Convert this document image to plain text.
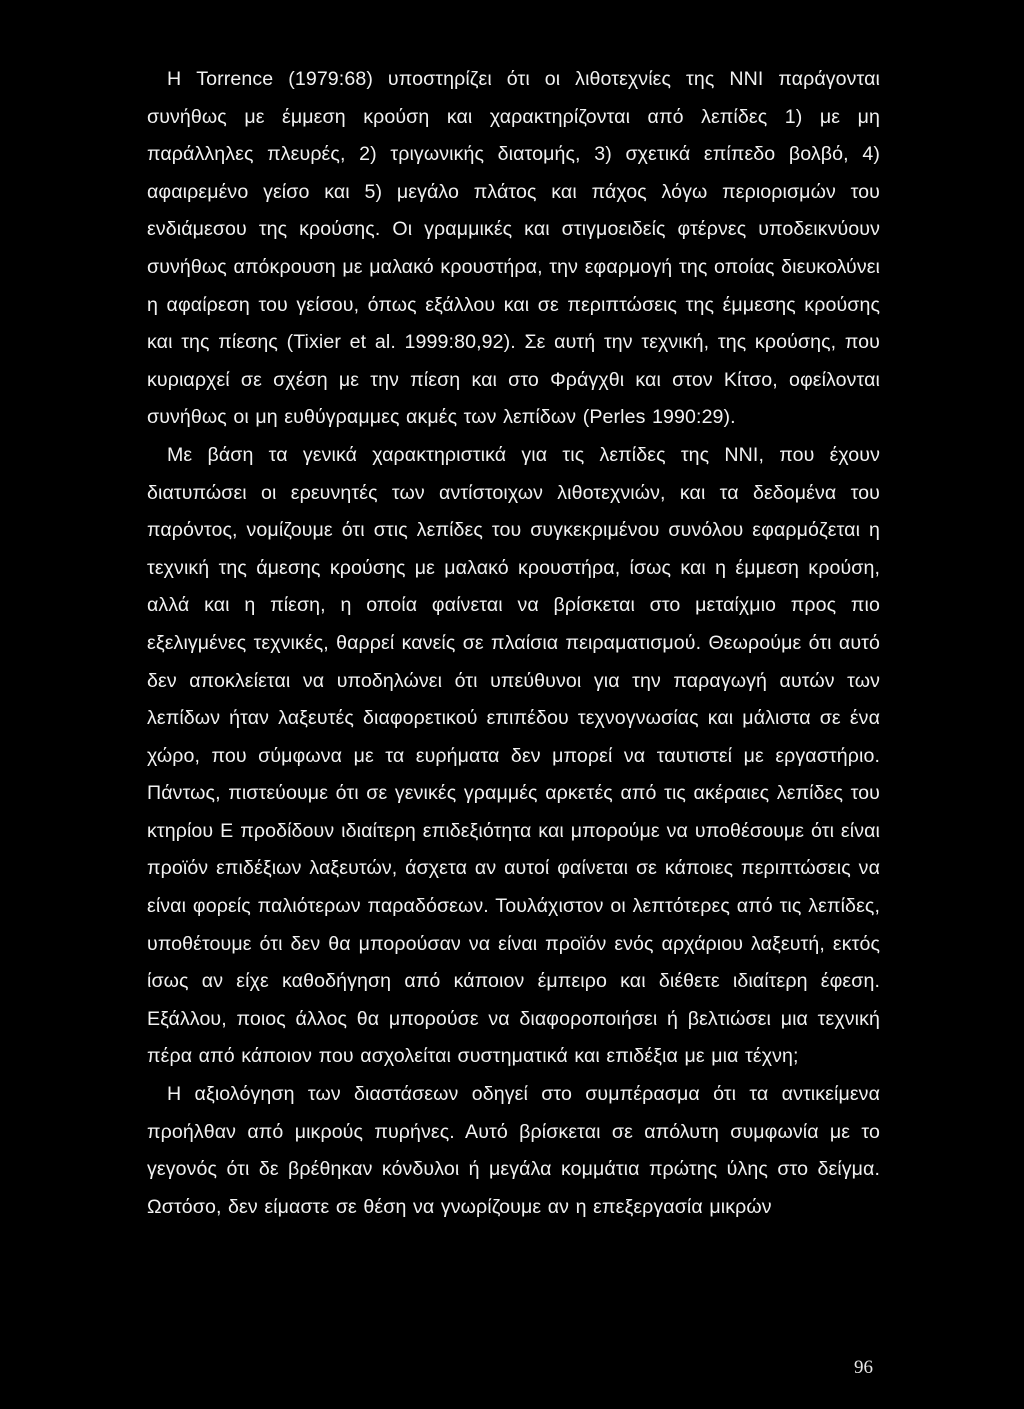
Η Torrence (1979:68) υποστηρίζει ότι οι λιθοτεχνίες της ΝΝΙ παράγονται συνήθως με έμμεση κρούση και χαρακτηρίζονται από λεπίδες 1) με μη παράλληλες πλευρές, 2) τριγωνικής διατομής, 3) σχετικά επίπεδο βολβό, 4) αφαιρεμένο γείσο και 5) μεγάλο πλάτος και πάχος λόγω περιορισμών του ενδιάμεσου της κρούσης. Οι γραμμικές και στιγμοειδείς φτέρνες υποδεικνύουν συνήθως απόκρουση με μαλακό κρουστήρα, την εφαρμογή της οποίας διευκολύνει η αφαίρεση του γείσου, όπως εξάλλου και σε περιπτώσεις της έμμεσης κρούσης και της πίεσης (Tixier et al. 1999:80,92). Σε αυτή την τεχνική, της κρούσης, που κυριαρχεί σε σχέση με την πίεση και στο Φράγχθι και στον Κίτσο, οφείλονται συνήθως οι μη ευθύγραμμες ακμές των λεπίδων (Perles 1990:29).

Με βάση τα γενικά χαρακτηριστικά για τις λεπίδες της ΝΝΙ, που έχουν διατυπώσει οι ερευνητές των αντίστοιχων λιθοτεχνιών, και τα δεδομένα του παρόντος, νομίζουμε ότι στις λεπίδες του συγκεκριμένου συνόλου εφαρμόζεται η τεχνική της άμεσης κρούσης με μαλακό κρουστήρα, ίσως και η έμμεση κρούση, αλλά και η πίεση, η οποία φαίνεται να βρίσκεται στο μεταίχμιο προς πιο εξελιγμένες τεχνικές, θαρρεί κανείς σε πλαίσια πειραματισμού. Θεωρούμε ότι αυτό δεν αποκλείεται να υποδηλώνει ότι υπεύθυνοι για την παραγωγή αυτών των λεπίδων ήταν λαξευτές διαφορετικού επιπέδου τεχνογνωσίας και μάλιστα σε ένα χώρο, που σύμφωνα με τα ευρήματα δεν μπορεί να ταυτιστεί με εργαστήριο. Πάντως, πιστεύουμε ότι σε γενικές γραμμές αρκετές από τις ακέραιες λεπίδες του κτηρίου Ε προδίδουν ιδιαίτερη επιδεξιότητα και μπορούμε να υποθέσουμε ότι είναι προϊόν επιδέξιων λαξευτών, άσχετα αν αυτοί φαίνεται σε κάποιες περιπτώσεις να είναι φορείς παλιότερων παραδόσεων. Τουλάχιστον οι λεπτότερες από τις λεπίδες, υποθέτουμε ότι δεν θα μπορούσαν να είναι προϊόν ενός αρχάριου λαξευτή, εκτός ίσως αν είχε καθοδήγηση από κάποιον έμπειρο και διέθετε ιδιαίτερη έφεση. Εξάλλου, ποιος άλλος θα μπορούσε να διαφοροποιήσει ή βελτιώσει μια τεχνική πέρα από κάποιον που ασχολείται συστηματικά και επιδέξια με μια τέχνη;

Η αξιολόγηση των διαστάσεων οδηγεί στο συμπέρασμα ότι τα αντικείμενα προήλθαν από μικρούς πυρήνες. Αυτό βρίσκεται σε απόλυτη συμφωνία με το γεγονός ότι δε βρέθηκαν κόνδυλοι ή μεγάλα κομμάτια πρώτης ύλης στο δείγμα. Ωστόσο, δεν είμαστε σε θέση να γνωρίζουμε αν η επεξεργασία μικρών

96
